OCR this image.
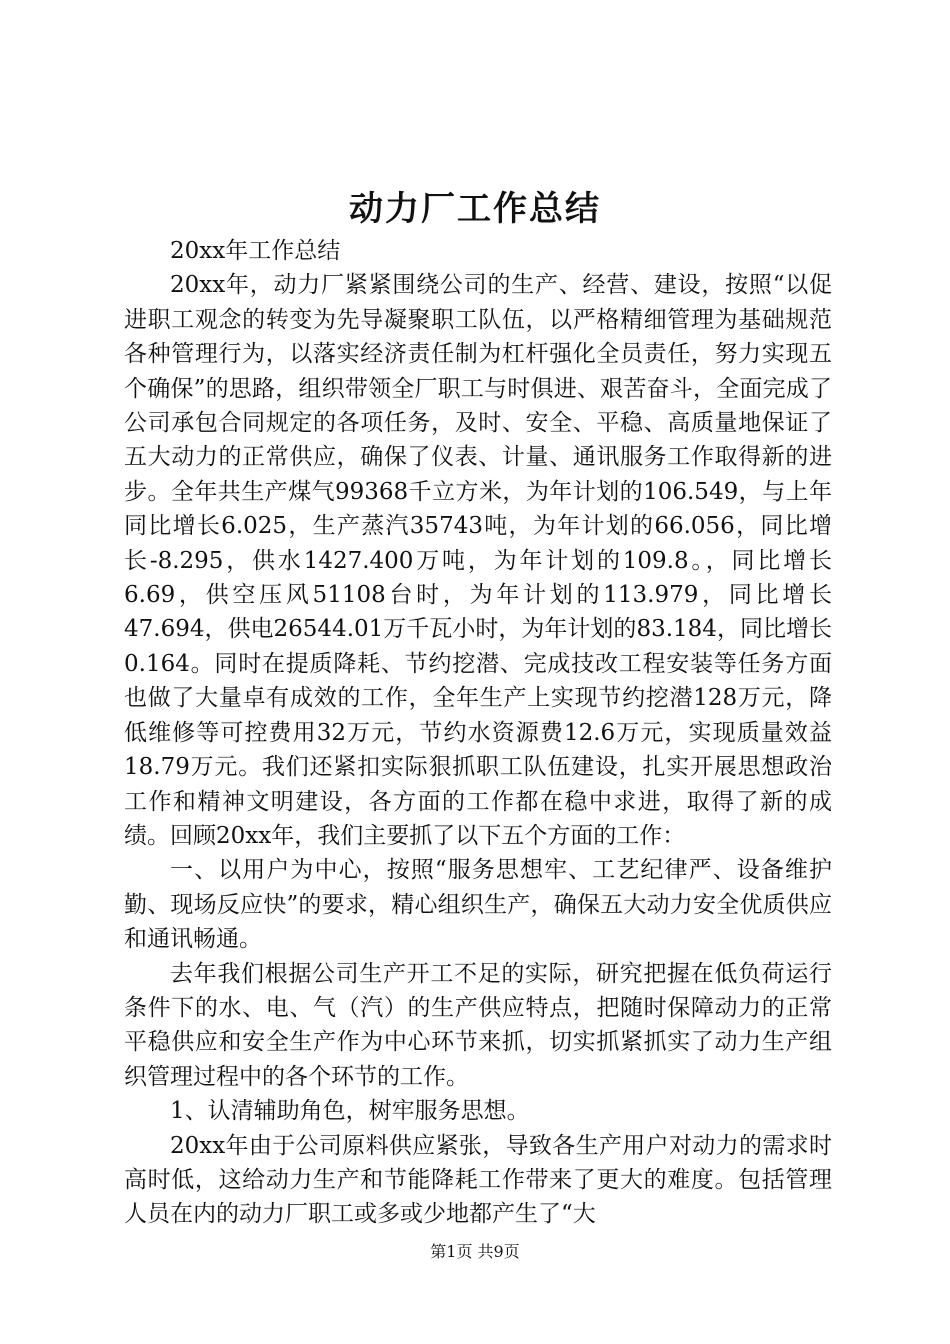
动力厂工作总结

20xx年工作总结

20xx年，动力厂紧紧围绕公司的生产、经营、建设，按照“以促进职工观念的转变为先导凝聚职工队伍，以严格精细管理为基础规范各种管理行为，以落实经济责任制为杠杆强化全员责任，努力实现五个确保”的思路，组织带领全厂职工与时俱进、艰苦奋斗，全面完成了公司承包合同规定的各项任务，及时、安全、平稳、高质量地保证了五大动力的正常供应，确保了仪表、计量、通讯服务工作取得新的进步。全年共生产煤气99368千立方米，为年计划的106.549，与上年同比增长6.025，生产蒸汽35743吨，为年计划的66.056，同比增长-8.295，供水1427.400万吨，为年计划的109.8。，同比增长6.69，供空压风51108台时，为年计划的113.979，同比增长47.694，供电26544.01万千瓦小时，为年计划的83.184，同比增长0.164。同时在提质降耗、节约挖潜、完成技改工程安装等任务方面也做了大量卓有成效的工作，全年生产上实现节约挖潜128万元，降低维修等可控费用32万元，节约水资源费12.6万元，实现质量效益18.79万元。我们还紧扣实际狠抓职工队伍建设，扎实开展思想政治工作和精神文明建设，各方面的工作都在稳中求进，取得了新的成绩。回顾20xx年，我们主要抓了以下五个方面的工作：

一、以用户为中心，按照“服务思想牢、工艺纪律严、设备维护勤、现场反应快”的要求，精心组织生产，确保五大动力安全优质供应和通讯畅通。

去年我们根据公司生产开工不足的实际，研究把握在低负荷运行条件下的水、电、气（汽）的生产供应特点，把随时保障动力的正常平稳供应和安全生产作为中心环节来抓，切实抓紧抓实了动力生产组织管理过程中的各个环节的工作。

1、认清辅助角色，树牢服务思想。

20xx年由于公司原料供应紧张，导致各生产用户对动力的需求时高时低，这给动力生产和节能降耗工作带来了更大的难度。包括管理人员在内的动力厂职工或多或少地都产生了“大

第1页 共9页
